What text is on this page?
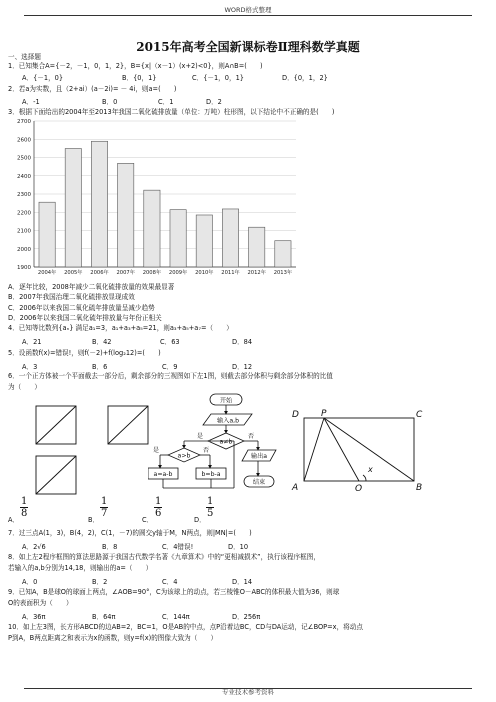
WORD格式整理
2015年高考全国新课标卷Ⅱ理科数学真题
一、选择题
1．已知集合A={－2，－1，0，1，2}，B={x|（x－1）(x+2)<0}，则A∩B=(　　)
A．{－1，0}	B．{0，1}	C．{－1，0，1}	D．{0，1，2}
2．若a为实数，且（2+ai）(a－2i)= － 4i，则a=(　　)
A．-1	B．0	C．1	D．2
3．根据下面给出的2004年至2013年我国二氧化硫排放量（单位：万吨）柱形图，以下结论中不正确的是(　　)
1900
2000
2100
2200
2300
2400
2500
2600
2700
2004年 2005年 2006年 2007年 2008年 2009年 2010年 2011年 2012年 2013年
A．逐年比较，2008年减少二氧化硫排放量的效果最显著
B．2007年我国治理二氧化硫排放显现成效
C．2006年以来我国二氧化硫年排放量呈减少趋势
D．2006年以来我国二氧化硫年排放量与年份正相关
4．已知等比数列{aₙ} 满足a₁=3，a₁+a₃+a₅=21，则a₃+a₅+a₇=（　　）
A．21	B．42	C．63	D．84
5．设函数f(x)=错误!，则f(－2)+f(log₂12)=(　　)
A．3	B．6	C．9	D．12
6．一个正方体被一个平面截去一部分后，剩余部分的三视图如下左1图，则截去部分体积与剩余部分体积的比值
为（　　）
开始
输入a,b
a≠b
a>b
是	否
是	否
a=a-b	b=b-a
输出a
结束
D P	C
A	O	B
x
A．
$\frac{1}{8}$
B．
$\frac{1}{7}$
C．
$\frac{1}{6}$
D．
$\frac{1}{5}$
7．过三点A(1，3)，B(4，2)，C(1，－7)的圆交y轴于M，N两点，则|MN|=(　　)
A．2√6	B．8	C．4错误!	D．10
8．如上左2程序框图的算法思路源于我国古代数学名著《九章算术》中的“更相减损术”，执行该程序框图，
若输入的a,b分别为14,18，则输出的a=（　　）
A．0	B．2	C．4	D．14
9．已知A，B是球O的球面上两点，∠AOB=90°，C为该球上的动点，若三棱锥O－ABC的体积最大值为36，则球
O的表面积为（　　）
A．36π	B．64π	C．144π	D．256π
10．如上左3图，长方形ABCD的边AB=2，BC=1，O是AB的中点，点P沿着边BC，CD与DA运动，记∠BOP=x，将动点
P到A，B两点距离之和表示为x的函数，则y=f(x)的图像大致为（　　）
专业技术参考资料
